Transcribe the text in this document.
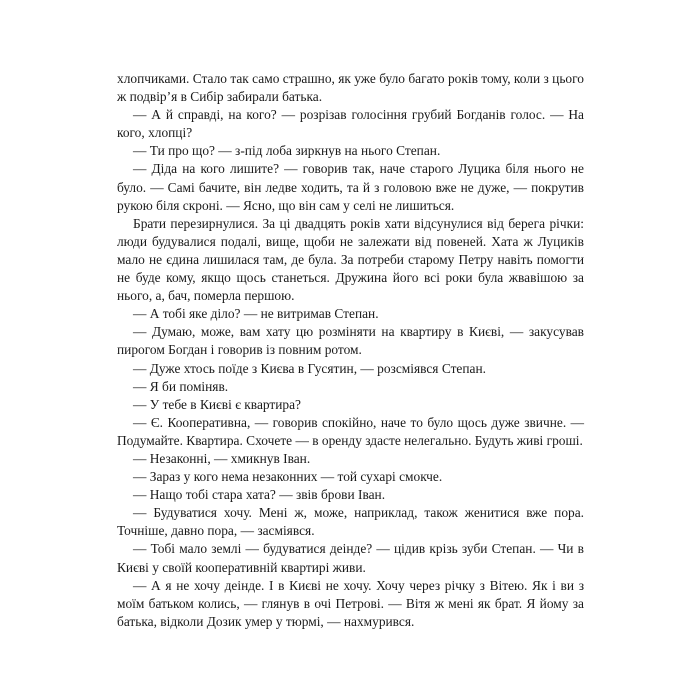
хлопчиками. Стало так само страшно, як уже було багато років тому, коли з цього ж подвір’я в Сибір забирали батька.

— А й справді, на кого? — розрізав голосіння грубий Богданів голос. — На кого, хлопці?

— Ти про що? — з-під лоба зиркнув на нього Степан.

— Діда на кого лишите? — говорив так, наче старого Луцика біля нього не було. — Самі бачите, він ледве ходить, та й з головою вже не дуже, — покрутив рукою біля скроні. — Ясно, що він сам у селі не лишиться.

Брати перезирнулися. За ці двадцять років хати відсунулися від берега річки: люди будувалися подалі, вище, щоби не залежати від повеней. Хата ж Луциків мало не єдина лишилася там, де була. За потреби старому Петру навіть помогти не буде кому, якщо щось станеться. Дружина його всі роки була жвавішою за нього, а, бач, померла першою.

— А тобі яке діло? — не витримав Степан.

— Думаю, може, вам хату цю розміняти на квартиру в Києві, — закусував пирогом Богдан і говорив із повним ротом.

— Дуже хтось поїде з Києва в Гусятин, — розсміявся Степан.

— Я би поміняв.

— У тебе в Києві є квартира?

— Є. Кооперативна, — говорив спокійно, наче то було щось дуже звичне. — Подумайте. Квартира. Схочете — в оренду здасте нелегально. Будуть живі гроші.

— Незаконні, — хмикнув Іван.

— Зараз у кого нема незаконних — той сухарі смокче.

— Нащо тобі стара хата? — звів брови Іван.

— Будуватися хочу. Мені ж, може, наприклад, також женитися вже пора. Точніше, давно пора, — засміявся.

— Тобі мало землі — будуватися деінде? — цідив крізь зуби Степан. — Чи в Києві у своїй кооперативній квартирі живи.

— А я не хочу деінде. І в Києві не хочу. Хочу через річку з Вітею. Як і ви з моїм батьком колись, — глянув в очі Петрові. — Вітя ж мені як брат. Я йому за батька, відколи Дозик умер у тюрмі, — нахмурився.
